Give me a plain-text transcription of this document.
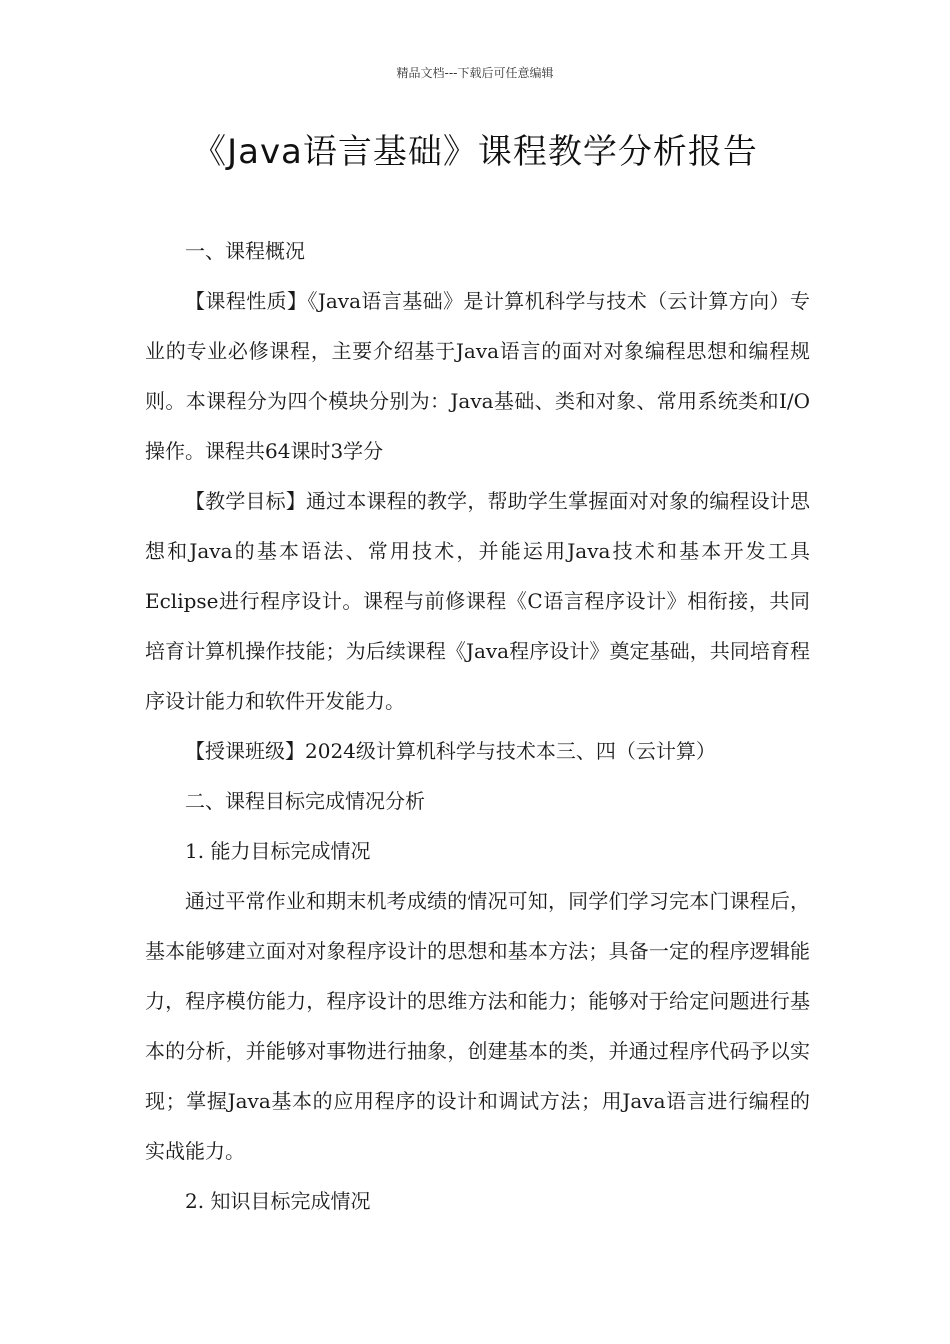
精品文档---下载后可任意编辑
《Java语言基础》课程教学分析报告

一、课程概况

【课程性质】《Java语言基础》是计算机科学与技术（云计算方向）专业的专业必修课程，主要介绍基于Java语言的面对对象编程思想和编程规则。本课程分为四个模块分别为：Java基础、类和对象、常用系统类和I/O操作。课程共64课时3学分

【教学目标】通过本课程的教学，帮助学生掌握面对对象的编程设计思想和Java的基本语法、常用技术，并能运用Java技术和基本开发工具Eclipse进行程序设计。课程与前修课程《C语言程序设计》相衔接，共同培育计算机操作技能；为后续课程《Java程序设计》奠定基础，共同培育程序设计能力和软件开发能力。

【授课班级】2024级计算机科学与技术本三、四（云计算）

二、课程目标完成情况分析

1. 能力目标完成情况

通过平常作业和期末机考成绩的情况可知，同学们学习完本门课程后，基本能够建立面对对象程序设计的思想和基本方法；具备一定的程序逻辑能力，程序模仿能力，程序设计的思维方法和能力；能够对于给定问题进行基本的分析，并能够对事物进行抽象，创建基本的类，并通过程序代码予以实现；掌握Java基本的应用程序的设计和调试方法；用Java语言进行编程的实战能力。

2. 知识目标完成情况
